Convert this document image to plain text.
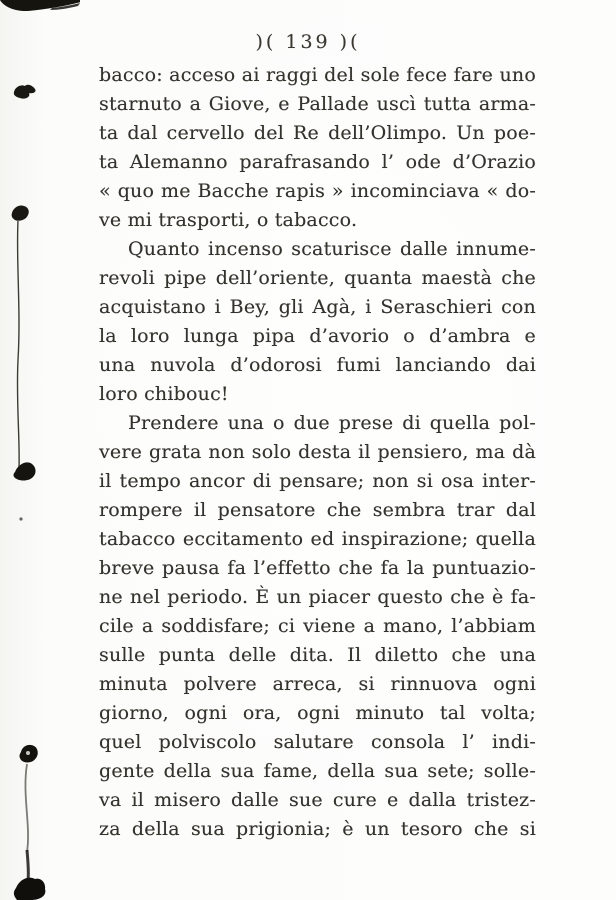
)( 139 )(
bacco: acceso ai raggi del sole fece fare uno
starnuto a Giove, e Pallade uscì tutta arma-
ta dal cervello del Re dell’Olimpo. Un poe-
ta Alemanno parafrasando l’ ode d’Orazio
« quo me Bacche rapis » incominciava « do-
ve mi trasporti, o tabacco.
Quanto incenso scaturisce dalle innume-
revoli pipe dell’oriente, quanta maestà che
acquistano i Bey, gli Agà, i Seraschieri con
la loro lunga pipa d’avorio o d’ambra e
una nuvola d’odorosi fumi lanciando dai
loro chibouc!
Prendere una o due prese di quella pol-
vere grata non solo desta il pensiero, ma dà
il tempo ancor di pensare; non si osa inter-
rompere il pensatore che sembra trar dal
tabacco eccitamento ed inspirazione; quella
breve pausa fa l’effetto che fa la puntuazio-
ne nel periodo. È un piacer questo che è fa-
cile a soddisfare; ci viene a mano, l’abbiam
sulle punta delle dita. Il diletto che una
minuta polvere arreca, si rinnuova ogni
giorno, ogni ora, ogni minuto tal volta;
quel polviscolo salutare consola l’ indi-
gente della sua fame, della sua sete; solle-
va il misero dalle sue cure e dalla tristez-
za della sua prigionia; è un tesoro che si
